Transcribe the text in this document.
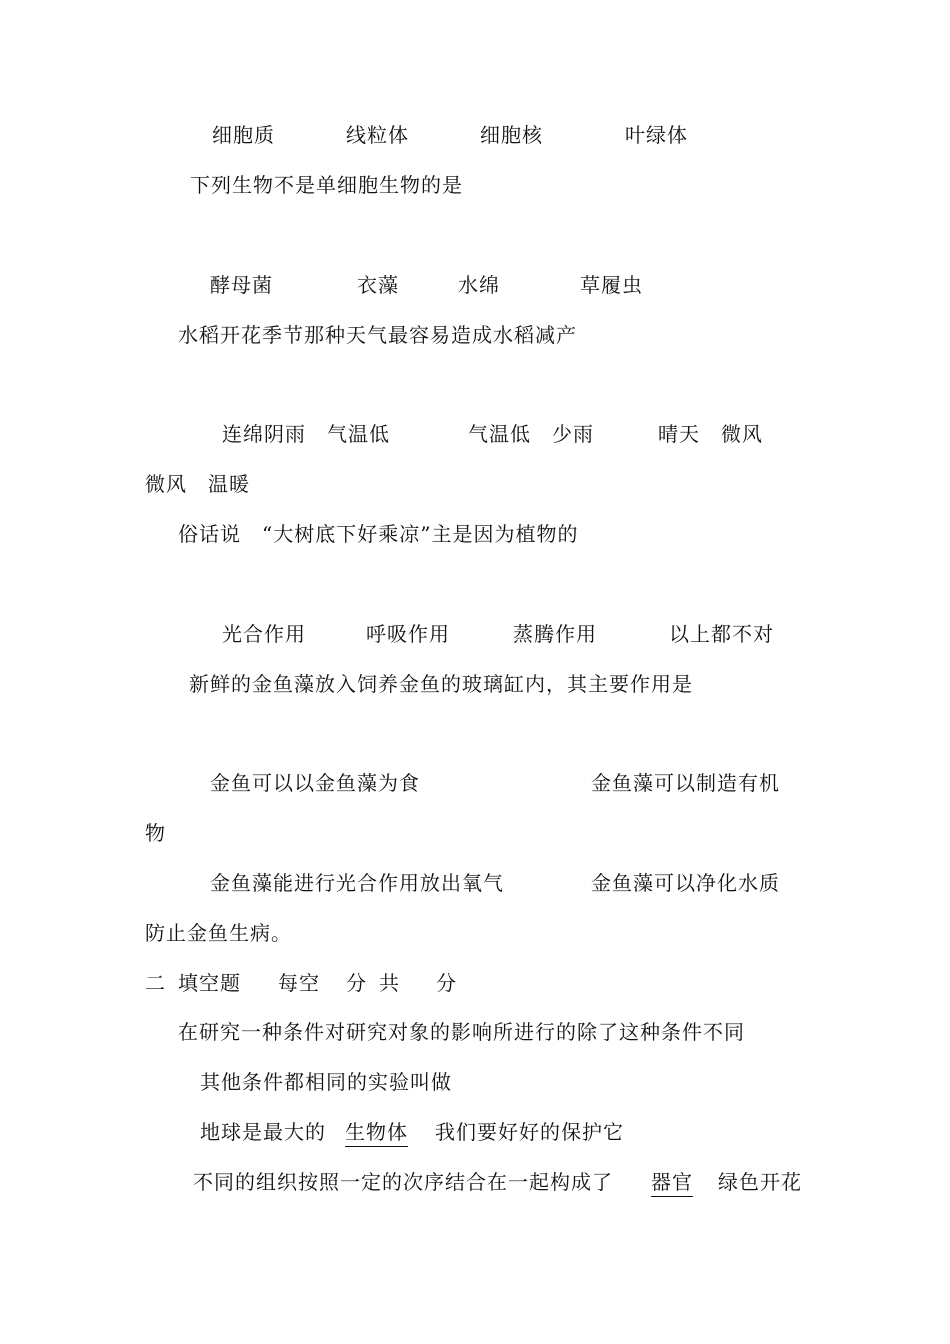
细胞质	线粒体	细胞核	叶绿体
下列生物不是单细胞生物的是
酵母菌	衣藻	水绵	草履虫
水稻开花季节那种天气最容易造成水稻减产
连绵阴雨　气温低	气温低　少雨	晴天　微风
微风　温暖
俗话说　“大树底下好乘凉”主是因为植物的
光合作用	呼吸作用	蒸腾作用	以上都不对
新鲜的金鱼藻放入饲养金鱼的玻璃缸内，其主要作用是
金鱼可以以金鱼藻为食	金鱼藻可以制造有机
物
金鱼藻能进行光合作用放出氧气	金鱼藻可以净化水质
防止金鱼生病。
二 填空题 每空 分 共 分
在研究一种条件对研究对象的影响所进行的除了这种条件不同
其他条件都相同的实验叫做
地球是最大的 生物体 我们要好好的保护它
不同的组织按照一定的次序结合在一起构成了 器官 绿色开花
